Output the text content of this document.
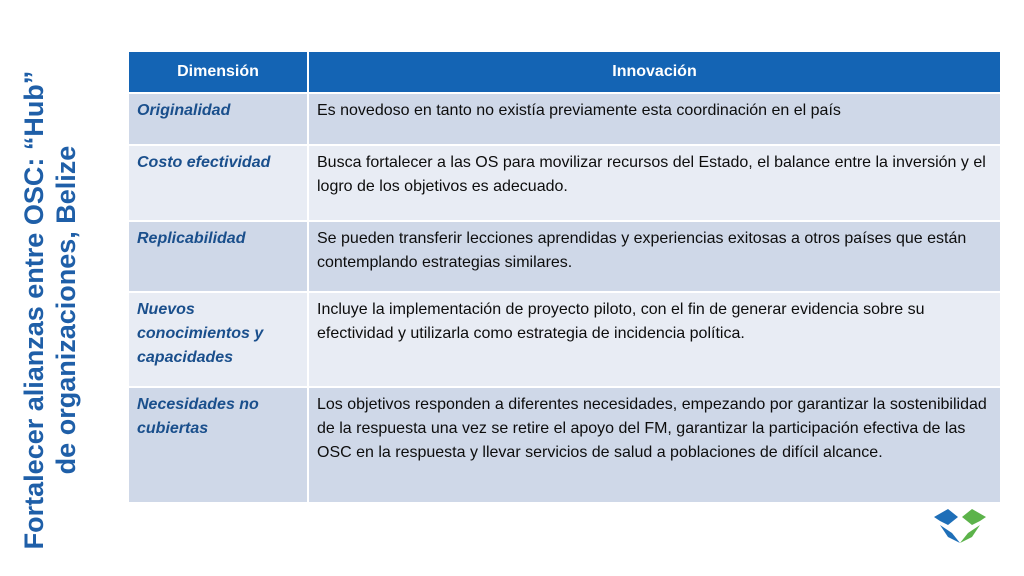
Fortalecer alianzas entre OSC: “Hub” de organizaciones, Belize
Dimensión	Innovación
Originalidad	Es novedoso en tanto no existía previamente esta coordinación en el país
Costo efectividad	Busca fortalecer a las OS para movilizar recursos del Estado, el balance entre la inversión y el logro de los objetivos es adecuado.
Replicabilidad	Se pueden transferir lecciones aprendidas y experiencias exitosas a otros países que están contemplando estrategias similares.
Nuevos conocimientos y capacidades	Incluye la implementación de proyecto piloto, con el fin de generar evidencia sobre su efectividad y utilizarla como estrategia de incidencia política.
Necesidades no cubiertas	Los objetivos responden a diferentes necesidades, empezando por garantizar la sostenibilidad de la respuesta una vez se retire el apoyo del FM, garantizar la participación efectiva de las OSC en la respuesta y llevar servicios de salud a poblaciones de difícil alcance.
